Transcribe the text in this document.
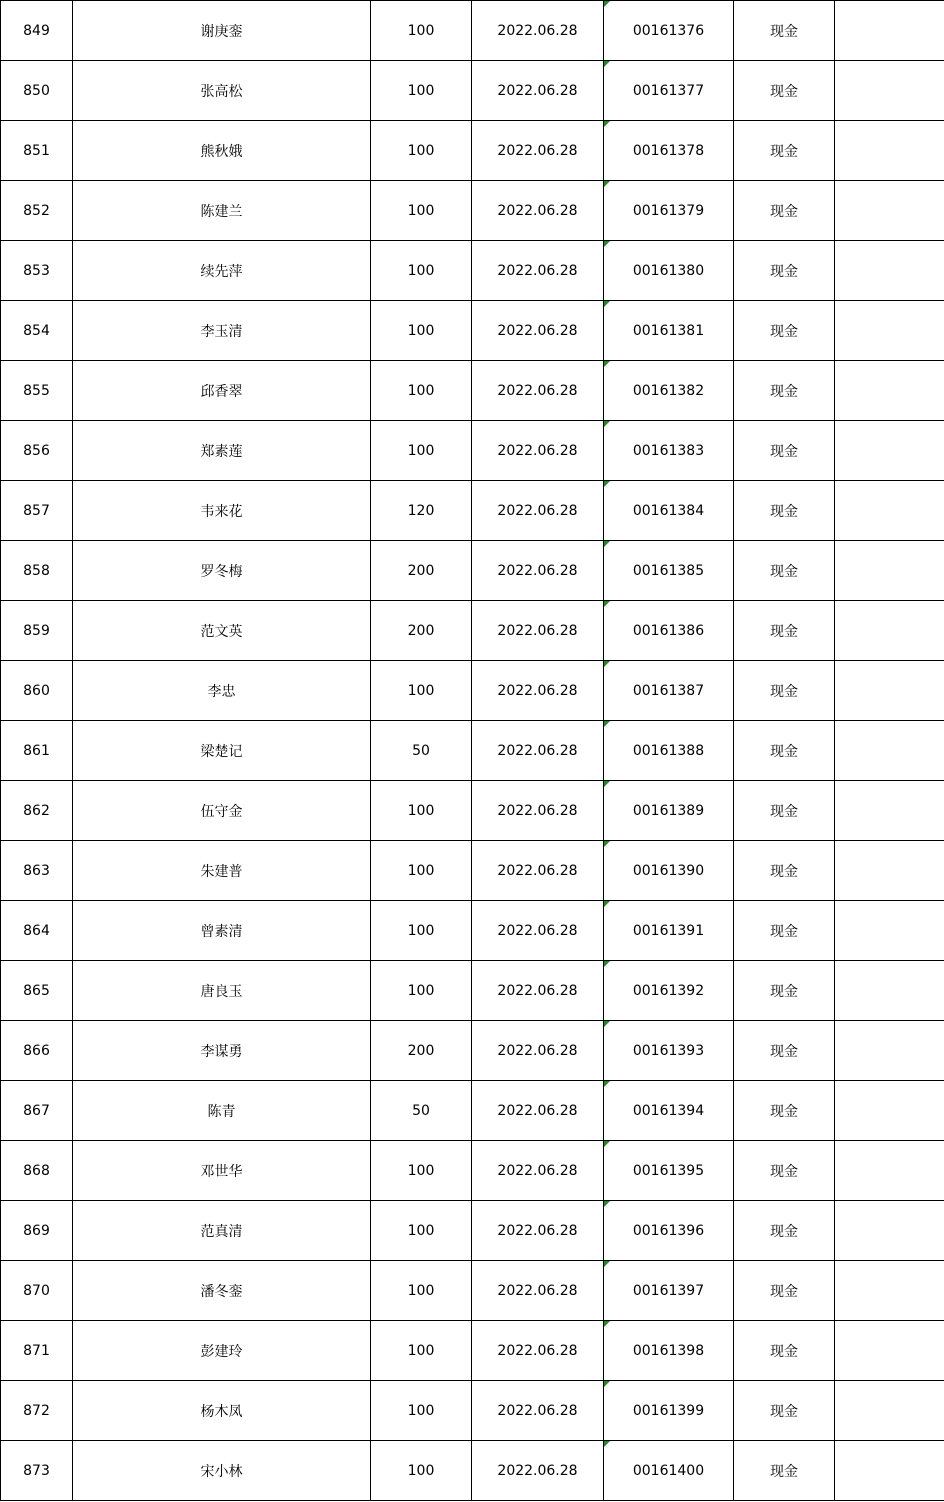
849	谢庚銮	100	2022.06.28	00161376	现金	
850	张高松	100	2022.06.28	00161377	现金	
851	熊秋娥	100	2022.06.28	00161378	现金	
852	陈建兰	100	2022.06.28	00161379	现金	
853	续先萍	100	2022.06.28	00161380	现金	
854	李玉清	100	2022.06.28	00161381	现金	
855	邱香翠	100	2022.06.28	00161382	现金	
856	郑素莲	100	2022.06.28	00161383	现金	
857	韦来花	120	2022.06.28	00161384	现金	
858	罗冬梅	200	2022.06.28	00161385	现金	
859	范文英	200	2022.06.28	00161386	现金	
860	李忠	100	2022.06.28	00161387	现金	
861	梁楚记	50	2022.06.28	00161388	现金	
862	伍守金	100	2022.06.28	00161389	现金	
863	朱建普	100	2022.06.28	00161390	现金	
864	曾素清	100	2022.06.28	00161391	现金	
865	唐良玉	100	2022.06.28	00161392	现金	
866	李谋勇	200	2022.06.28	00161393	现金	
867	陈青	50	2022.06.28	00161394	现金	
868	邓世华	100	2022.06.28	00161395	现金	
869	范真清	100	2022.06.28	00161396	现金	
870	潘冬銮	100	2022.06.28	00161397	现金	
871	彭建玲	100	2022.06.28	00161398	现金	
872	杨木凤	100	2022.06.28	00161399	现金	
873	宋小林	100	2022.06.28	00161400	现金	
